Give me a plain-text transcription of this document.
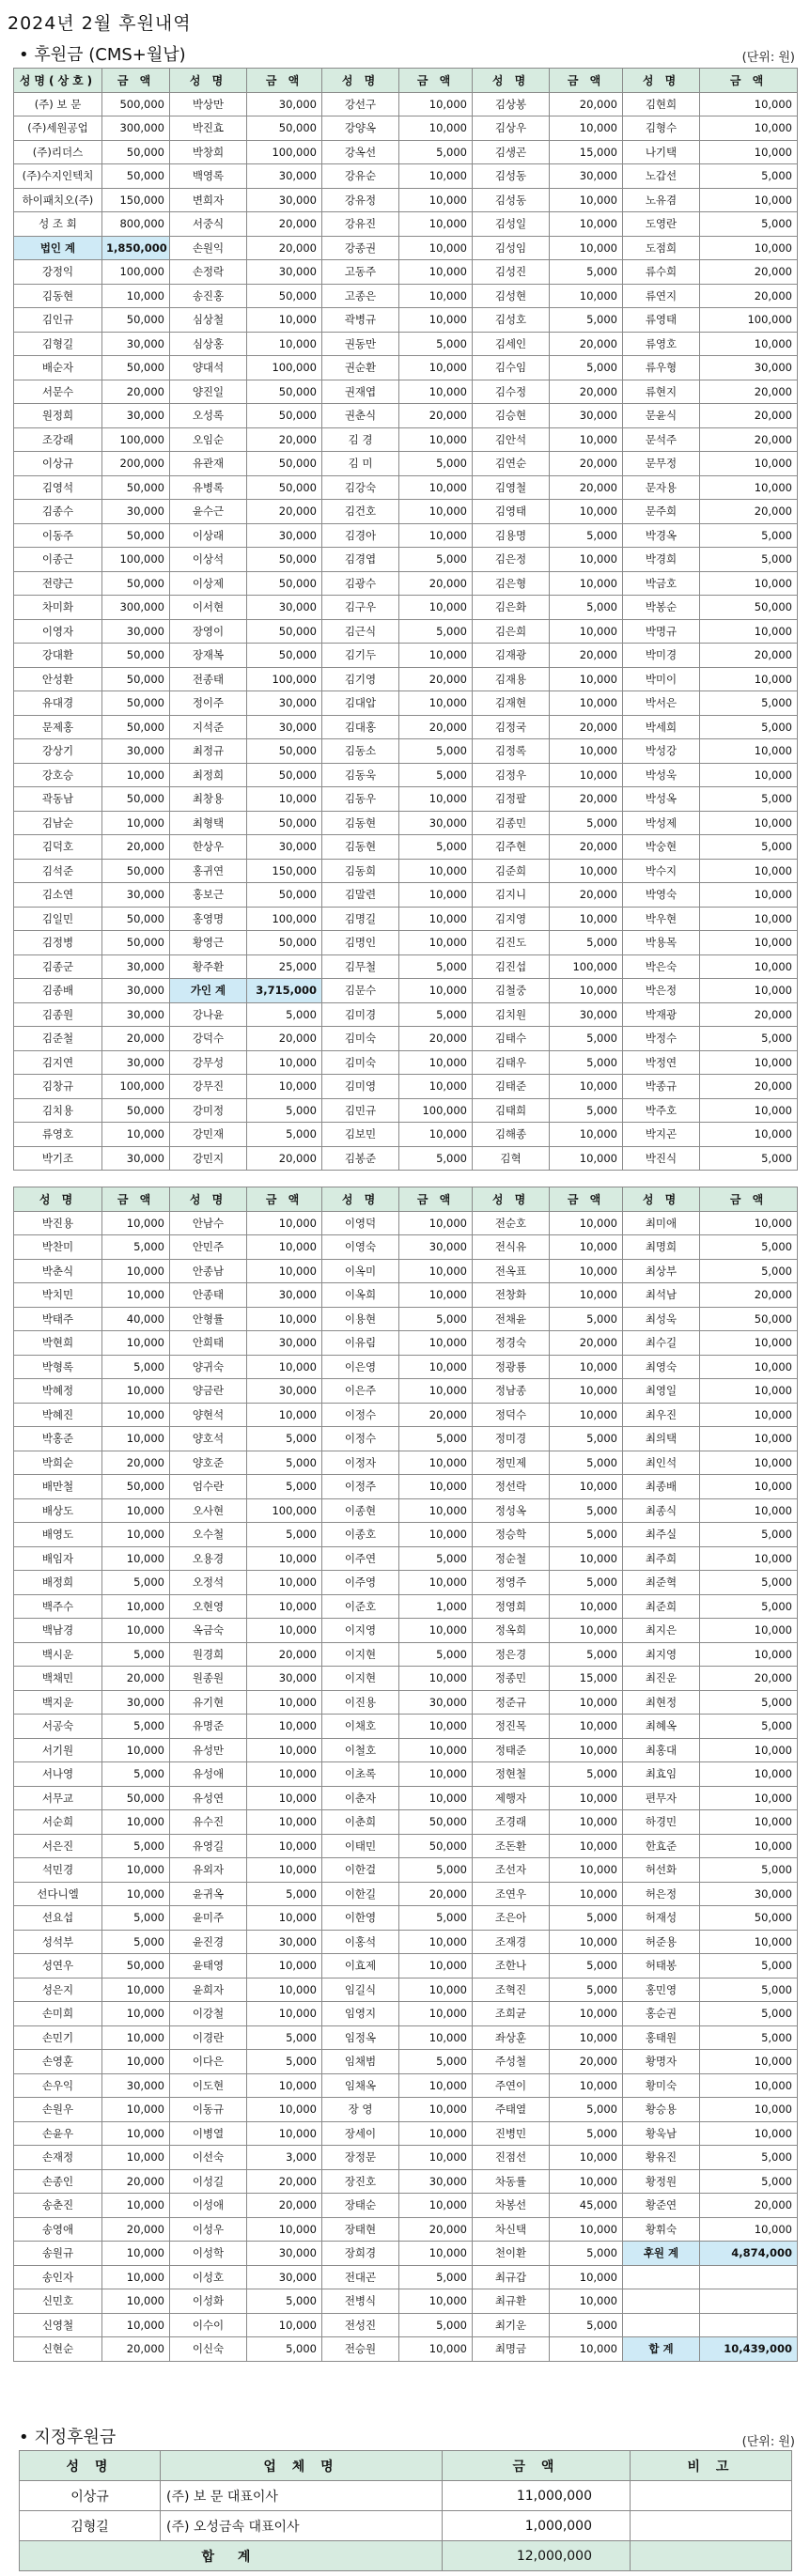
2024년 2월 후원내역
• 후원금 (CMS+월납)	(단위: 원)
성명(상호)	금 액	성 명	금 액	성 명	금 액	성 명	금 액	성 명	금 액
(주) 보 문	500,000	박상만	30,000	강선구	10,000	김상봉	20,000	김현희	10,000
(주)세원공업	300,000	박진효	50,000	강양옥	10,000	김상우	10,000	김형수	10,000
(주)리더스	50,000	박창희	100,000	강옥선	5,000	김생곤	15,000	나기택	10,000
(주)수지인텍치	50,000	백영록	30,000	강유순	10,000	김성동	30,000	노갑선	5,000
하이패치오(주)	150,000	변희자	30,000	강유정	10,000	김성동	10,000	노유겸	10,000
성 조 회	800,000	서중식	20,000	강유진	10,000	김성일	10,000	도영란	5,000
법인 계	1,850,000	손원익	20,000	강종권	10,000	김성임	10,000	도점희	10,000
강정익	100,000	손정락	30,000	고동주	10,000	김성진	5,000	류수희	20,000
김동현	10,000	송진홍	50,000	고종은	10,000	김성현	10,000	류연지	20,000
김인규	50,000	심상철	10,000	곽병규	10,000	김성호	5,000	류영태	100,000
김형길	30,000	심상홍	10,000	권동만	5,000	김세인	20,000	류영호	10,000
배순자	50,000	양대석	100,000	권순환	10,000	김수임	5,000	류우형	30,000
서문수	20,000	양진일	50,000	권재엽	10,000	김수정	20,000	류현지	20,000
원정희	30,000	오성록	50,000	권춘식	20,000	김승현	30,000	문윤식	20,000
조강래	100,000	오임순	20,000	김 경	10,000	김안석	10,000	문석주	20,000
이상규	200,000	유관재	50,000	김 미	5,000	김연순	20,000	문무정	10,000
김영석	50,000	유병록	50,000	김강숙	10,000	김영철	20,000	문자용	10,000
김종수	30,000	윤수근	20,000	김건호	10,000	김영태	10,000	문주희	20,000
이동주	50,000	이상래	30,000	김경아	10,000	김용명	5,000	박경옥	5,000
이종근	100,000	이상석	50,000	김경엽	5,000	김은정	10,000	박경희	5,000
전량근	50,000	이상제	50,000	김광수	20,000	김은형	10,000	박금호	10,000
차미화	300,000	이서현	30,000	김구우	10,000	김은화	5,000	박봉순	50,000
이영자	30,000	장영이	50,000	김근식	5,000	김은희	10,000	박명규	10,000
강대환	50,000	장재복	50,000	김기두	10,000	김재광	20,000	박미경	20,000
안성환	50,000	전종태	100,000	김기영	20,000	김재용	10,000	박미이	10,000
유대경	50,000	정이주	30,000	김대압	10,000	김재현	10,000	박서은	5,000
문제홍	50,000	지석준	30,000	김대홍	20,000	김정국	20,000	박세희	5,000
강상기	30,000	최정규	50,000	김동소	5,000	김정록	10,000	박성강	10,000
강호승	10,000	최정희	50,000	김동욱	5,000	김정우	10,000	박성욱	10,000
곽동남	50,000	최창용	10,000	김동우	10,000	김정팔	20,000	박성옥	5,000
김남순	10,000	최형택	50,000	김동현	30,000	김종민	5,000	박성제	10,000
김덕호	20,000	한상우	30,000	김동현	5,000	김주현	20,000	박숭현	5,000
김석준	50,000	홍귀연	150,000	김동희	10,000	김준희	10,000	박수지	10,000
김소연	30,000	홍보근	50,000	김말련	10,000	김지니	20,000	박영숙	10,000
김일민	50,000	홍영명	100,000	김명길	10,000	김지영	10,000	박우현	10,000
김정병	50,000	황영근	50,000	김명인	10,000	김진도	5,000	박용목	10,000
김종군	30,000	황주환	25,000	김무철	5,000	김진섭	100,000	박은숙	10,000
김종배	30,000	가인 계	3,715,000	김문수	10,000	김철중	10,000	박은정	10,000
김종원	30,000	강나윤	5,000	김미경	5,000	김치원	30,000	박재광	20,000
김준철	20,000	강덕수	20,000	김미숙	20,000	김태수	5,000	박정수	5,000
김지연	30,000	강무성	10,000	김미숙	10,000	김태우	5,000	박정연	10,000
김창규	100,000	강무진	10,000	김미영	10,000	김태준	10,000	박종규	20,000
김치용	50,000	강미정	5,000	김민규	100,000	김태희	5,000	박주호	10,000
류영호	10,000	강민재	5,000	김보민	10,000	김해종	10,000	박지곤	10,000
박기조	30,000	강민지	20,000	김봉준	5,000	김혁	10,000	박진식	5,000
성 명	금 액	성 명	금 액	성 명	금 액	성 명	금 액	성 명	금 액
박진용	10,000	안남수	10,000	이영덕	10,000	전순호	10,000	최미애	10,000
박찬미	5,000	안민주	10,000	이영숙	30,000	전식유	10,000	최명희	5,000
박춘식	10,000	안종남	10,000	이옥미	10,000	전옥표	10,000	최상부	5,000
박치민	10,000	안종태	30,000	이옥희	10,000	전창화	10,000	최석남	20,000
박태주	40,000	안형률	10,000	이용현	5,000	전채윤	5,000	최성욱	50,000
박현희	10,000	안희태	30,000	이유림	10,000	정경숙	20,000	최수길	10,000
박형록	5,000	양귀숙	10,000	이은영	10,000	정광룡	10,000	최영숙	10,000
박혜정	10,000	양금란	30,000	이은주	10,000	정남종	10,000	최영일	10,000
박혜진	10,000	양현석	10,000	이정수	20,000	정덕수	10,000	최우진	10,000
박홍준	10,000	양호석	5,000	이정수	5,000	정미경	5,000	최의택	10,000
박희순	20,000	양호준	5,000	이정자	10,000	정민제	5,000	최인석	10,000
배만철	50,000	엄수란	5,000	이정주	10,000	정선락	10,000	최종배	10,000
배상도	10,000	오사현	100,000	이종현	10,000	정성옥	5,000	최종식	10,000
배영도	10,000	오수철	5,000	이종호	10,000	정승학	5,000	최주실	5,000
배임자	10,000	오용경	10,000	이주연	5,000	정순철	10,000	최주희	10,000
배정희	5,000	오정석	10,000	이주영	10,000	정영주	5,000	최준혁	5,000
백주수	10,000	오현영	10,000	이준호	1,000	정영희	10,000	최준희	5,000
백남경	10,000	옥금숙	10,000	이지영	10,000	정옥희	10,000	최지은	10,000
백시운	5,000	원경희	20,000	이지현	5,000	정은경	5,000	최지영	10,000
백채민	20,000	원종원	30,000	이지현	10,000	정종민	15,000	최진운	20,000
백지운	30,000	유기현	10,000	이진용	30,000	정준규	10,000	최현정	5,000
서공숙	5,000	유명준	10,000	이채호	10,000	정진목	10,000	최혜옥	5,000
서기원	10,000	유성만	10,000	이철호	10,000	정태준	10,000	최홍대	10,000
서나영	5,000	유성애	10,000	이초록	10,000	정현철	5,000	최효임	10,000
서무교	50,000	유성연	10,000	이춘자	10,000	제행자	10,000	편무자	10,000
서순희	10,000	유수진	10,000	이춘희	50,000	조경래	10,000	하경민	10,000
서은진	5,000	유영길	10,000	이태민	50,000	조돈환	10,000	한효준	10,000
석민경	10,000	유외자	10,000	이한걸	5,000	조선자	10,000	허선화	5,000
선다니엘	10,000	윤귀옥	5,000	이한길	20,000	조연우	10,000	허은정	30,000
선요섭	5,000	윤미주	10,000	이한영	5,000	조은아	5,000	허재성	50,000
성석부	5,000	윤진경	30,000	이홍석	10,000	조재경	10,000	허준용	10,000
성연우	50,000	윤태영	10,000	이효제	10,000	조한나	5,000	허태봉	5,000
성은지	10,000	윤희자	10,000	임길식	10,000	조혁진	5,000	홍민영	5,000
손미희	10,000	이강철	10,000	임영지	10,000	조희균	10,000	홍순권	5,000
손민기	10,000	이경란	5,000	임정옥	10,000	좌상훈	10,000	홍태원	5,000
손영훈	10,000	이다은	5,000	임채범	5,000	주성철	20,000	황명자	10,000
손우익	30,000	이도현	10,000	임채옥	10,000	주연이	10,000	황미숙	10,000
손원우	10,000	이동규	10,000	장 영	10,000	주태열	5,000	황승용	10,000
손윤우	10,000	이병열	10,000	장세이	10,000	진병민	5,000	황욱남	10,000
손재정	10,000	이선숙	3,000	장정문	10,000	진점선	10,000	황유진	5,000
손종인	20,000	이성길	20,000	장진호	30,000	차동률	10,000	황정원	5,000
송춘진	10,000	이성애	20,000	장태순	10,000	차봉선	45,000	황준연	20,000
송영애	20,000	이성우	10,000	장태현	20,000	차신택	10,000	황휘숙	10,000
송원규	10,000	이성학	30,000	장희경	10,000	천이환	5,000	후원 계	4,874,000
송인자	10,000	이성호	30,000	전대곤	5,000	최규갑	10,000		
신민호	10,000	이성화	5,000	전병식	10,000	최규환	10,000		
신영철	10,000	이수이	10,000	전성진	5,000	최기운	5,000		
신현순	20,000	이신숙	5,000	전승원	10,000	최명금	10,000	합 계	10,439,000
• 지정후원금	(단위: 원)
성 명	업 체 명	금 액	비 고
이상규	(주) 보 문 대표이사	11,000,000	
김형길	(주) 오성금속 대표이사	1,000,000	
합 계		12,000,000	
